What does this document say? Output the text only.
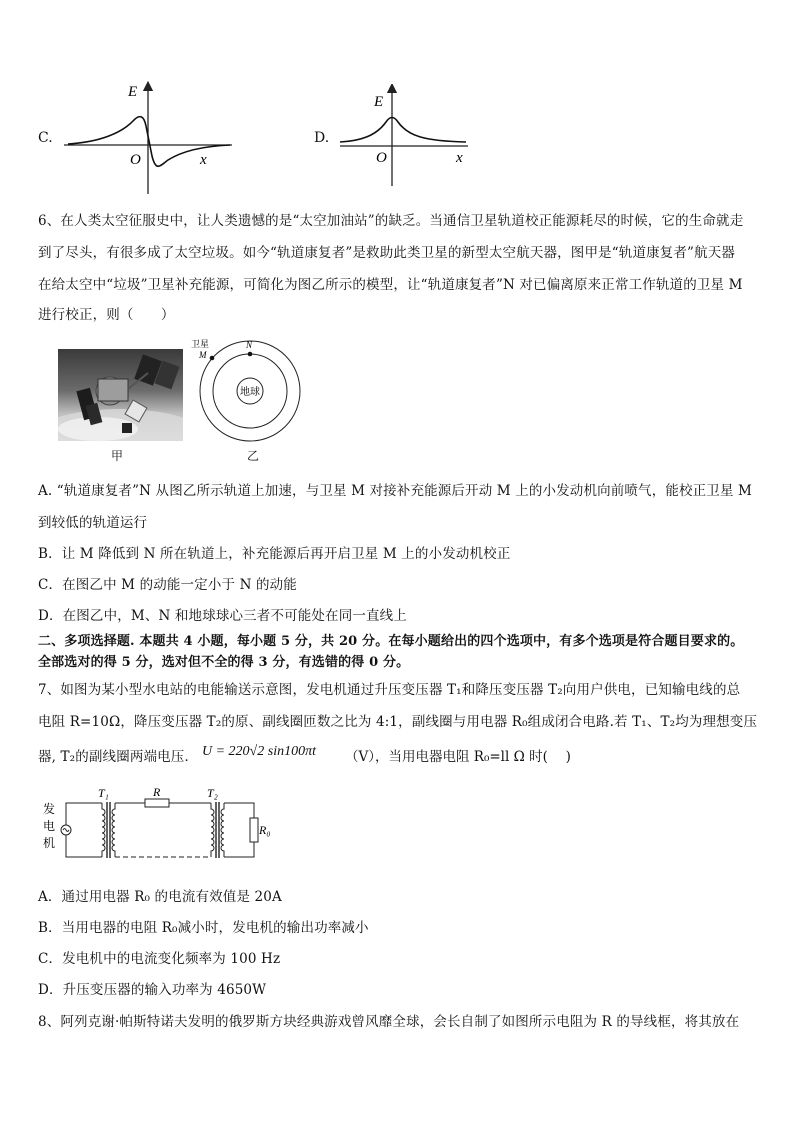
C.
E
O	x
D.
E
O	x
6、在人类太空征服史中，让人类遗憾的是“太空加油站”的缺乏。当通信卫星轨道校正能源耗尽的时候，它的生命就走
到了尽头，有很多成了太空垃圾。如今“轨道康复者”是救助此类卫星的新型太空航天器，图甲是“轨道康复者”航天器
在给太空中“垃圾”卫星补充能源，可简化为图乙所示的模型，让“轨道康复者”N 对已偏离原来正常工作轨道的卫星 M
进行校正，则（　　）
甲
地球
卫星
M
N
乙
A. “轨道康复者”N 从图乙所示轨道上加速，与卫星 M 对接补充能源后开动 M 上的小发动机向前喷气，能校正卫星 M
到较低的轨道运行
B．让 M 降低到 N 所在轨道上，补充能源后再开启卫星 M 上的小发动机校正
C．在图乙中 M 的动能一定小于 N 的动能
D．在图乙中，M、N 和地球球心三者不可能处在同一直线上
二、多项选择题. 本题共 4 小题，每小题 5 分，共 20 分。在每小题给出的四个选项中，有多个选项是符合题目要求的。
全部选对的得 5 分，选对但不全的得 3 分，有选错的得 0 分。
7、如图为某小型水电站的电能输送示意图，发电机通过升压变压器 T₁和降压变压器 T₂向用户供电，已知输电线的总
电阻 R=10Ω，降压变压器 T₂的原、副线圈匝数之比为 4:1，副线圈与用电器 R₀组成闭合电路.若 T₁、T₂均为理想变压
器, T₂的副线圈两端电压． U = 220√2 sin100πt （V），当用电器电阻 R₀=ll Ω 时(　 )
发
电
机
T₁	R	T₂
R₀
A．通过用电器 R₀ 的电流有效值是 20A
B．当用电器的电阻 R₀减小时，发电机的输出功率减小
C．发电机中的电流变化频率为 100 Hz
D．升压变压器的输入功率为 4650W
8、阿列克谢·帕斯特诺夫发明的俄罗斯方块经典游戏曾风靡全球，会长自制了如图所示电阻为 R 的导线框，将其放在
